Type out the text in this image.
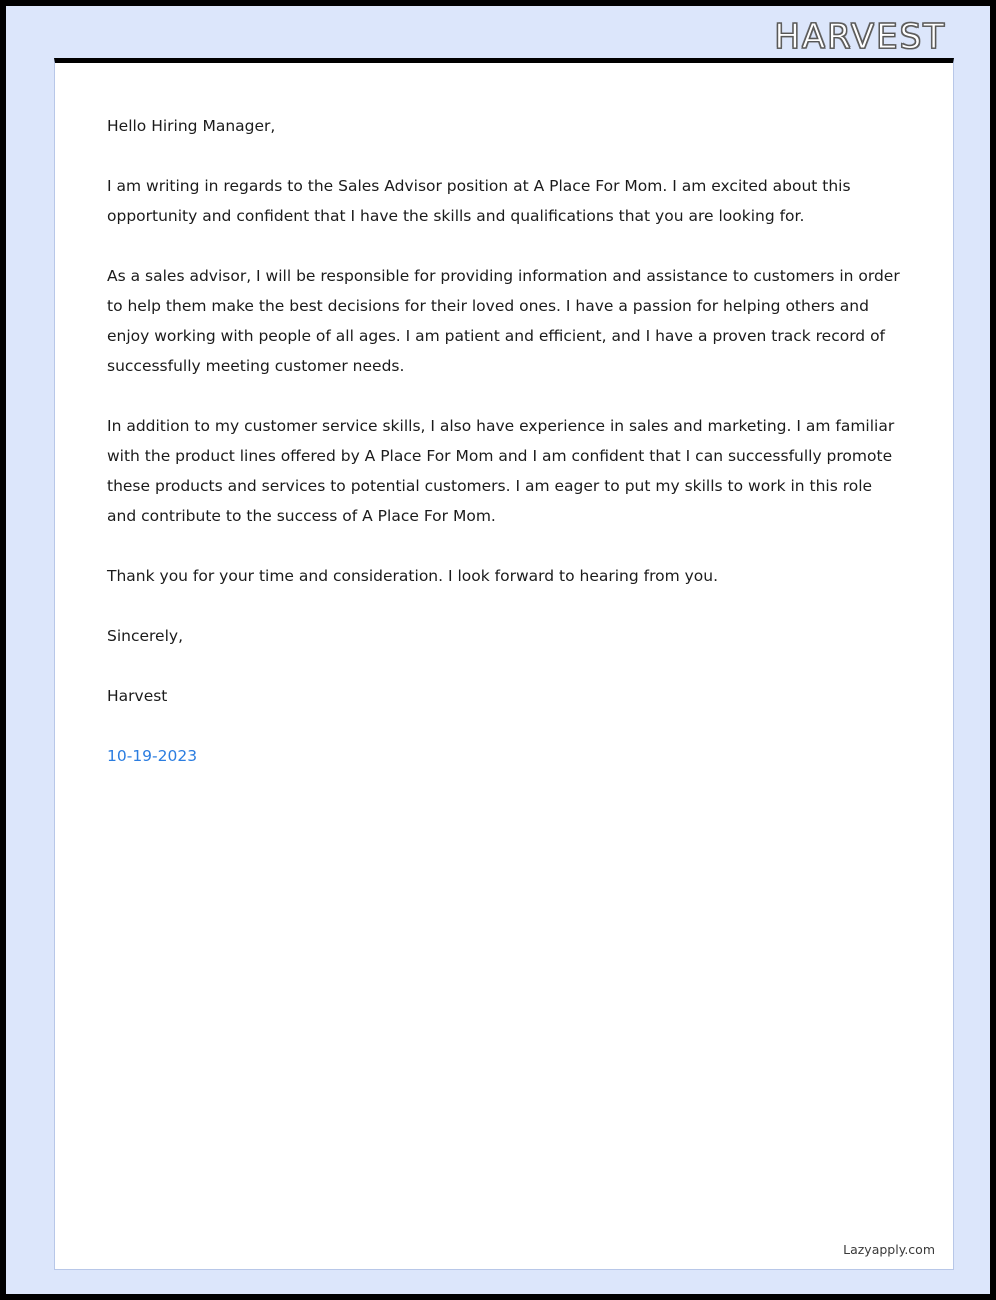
HARVEST

Hello Hiring Manager,

I am writing in regards to the Sales Advisor position at A Place For Mom. I am excited about this opportunity and confident that I have the skills and qualifications that you are looking for.

As a sales advisor, I will be responsible for providing information and assistance to customers in order to help them make the best decisions for their loved ones. I have a passion for helping others and enjoy working with people of all ages. I am patient and efficient, and I have a proven track record of successfully meeting customer needs.

In addition to my customer service skills, I also have experience in sales and marketing. I am familiar with the product lines offered by A Place For Mom and I am confident that I can successfully promote these products and services to potential customers. I am eager to put my skills to work in this role and contribute to the success of A Place For Mom.

Thank you for your time and consideration. I look forward to hearing from you.

Sincerely,

Harvest

10-19-2023

Lazyapply.com
